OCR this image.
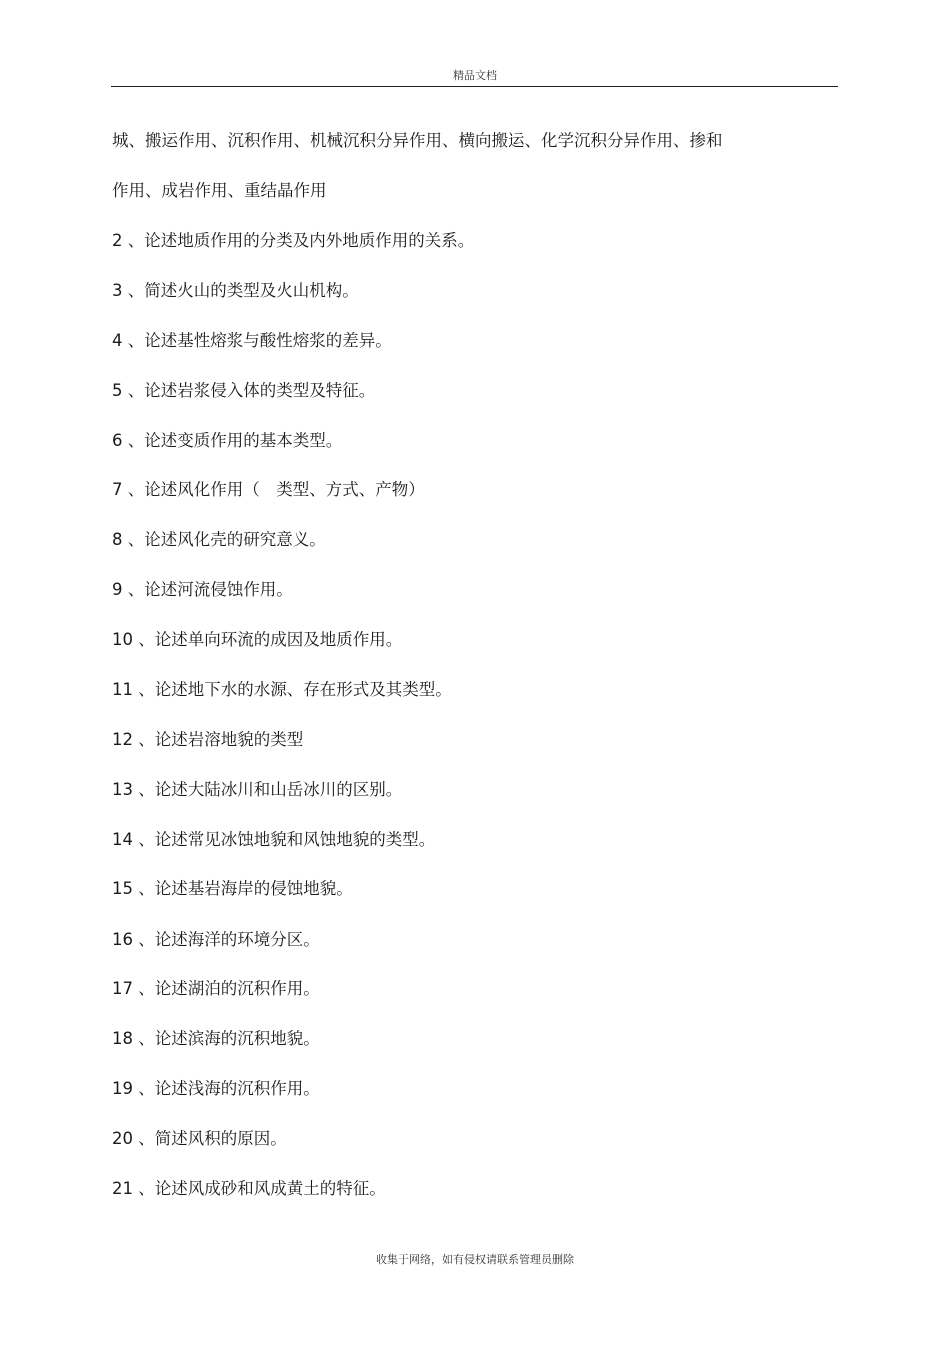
精品文档
城、搬运作用、沉积作用、机械沉积分异作用、横向搬运、化学沉积分异作用、掺和
作用、成岩作用、重结晶作用
2 、论述地质作用的分类及内外地质作用的关系。
3 、简述火山的类型及火山机构。
4 、论述基性熔浆与酸性熔浆的差异。
5 、论述岩浆侵入体的类型及特征。
6 、论述变质作用的基本类型。
7 、论述风化作用（　类型、方式、产物）
8 、论述风化壳的研究意义。
9 、论述河流侵蚀作用。
10 、论述单向环流的成因及地质作用。
11 、论述地下水的水源、存在形式及其类型。
12 、论述岩溶地貌的类型
13 、论述大陆冰川和山岳冰川的区别。
14 、论述常见冰蚀地貌和风蚀地貌的类型。
15 、论述基岩海岸的侵蚀地貌。
16 、论述海洋的环境分区。
17 、论述湖泊的沉积作用。
18 、论述滨海的沉积地貌。
19 、论述浅海的沉积作用。
20 、简述风积的原因。
21 、论述风成砂和风成黄土的特征。
收集于网络，如有侵权请联系管理员删除
